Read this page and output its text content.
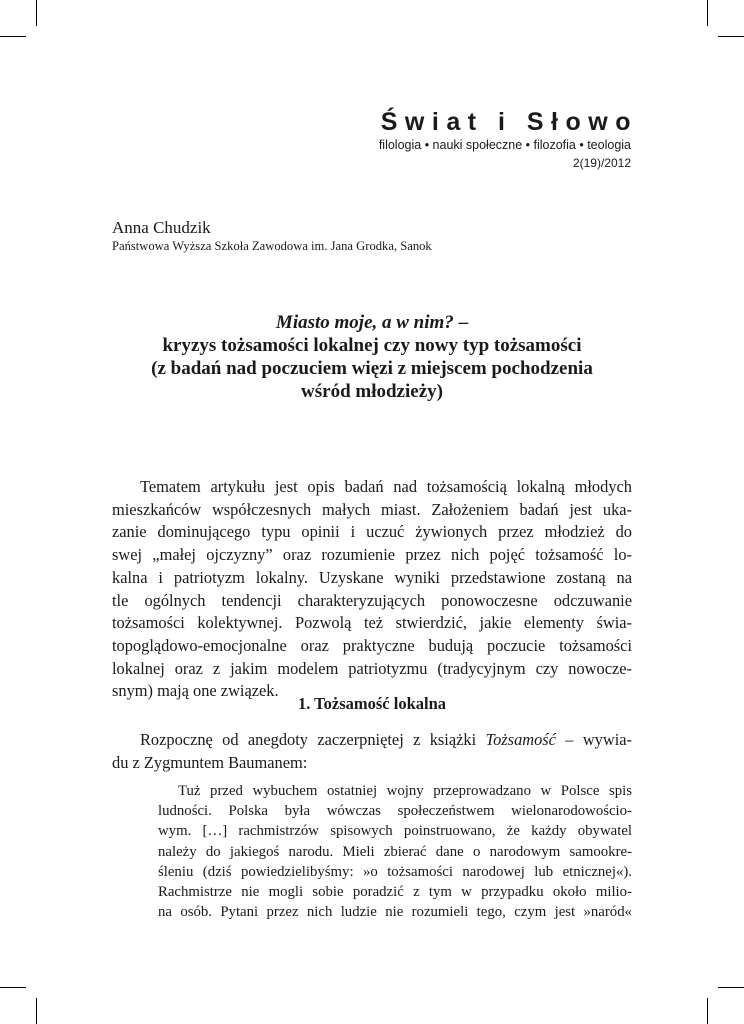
Świat i Słowo
filologia • nauki społeczne • filozofia • teologia
2(19)/2012
Anna Chudzik
Państwowa Wyższa Szkoła Zawodowa im. Jana Grodka, Sanok
Miasto moje, a w nim? –
kryzys tożsamości lokalnej czy nowy typ tożsamości
(z badań nad poczuciem więzi z miejscem pochodzenia
wśród młodzieży)
Tematem artykułu jest opis badań nad tożsamością lokalną młodych
mieszkańców współczesnych małych miast. Założeniem badań jest uka-
zanie dominującego typu opinii i uczuć żywionych przez młodzież do
swej „małej ojczyzny” oraz rozumienie przez nich pojęć tożsamość lo-
kalna i patriotyzm lokalny. Uzyskane wyniki przedstawione zostaną na
tle ogólnych tendencji charakteryzujących ponowoczesne odczuwanie
tożsamości kolektywnej. Pozwolą też stwierdzić, jakie elementy świa-
topoglądowo-emocjonalne oraz praktyczne budują poczucie tożsamości
lokalnej oraz z jakim modelem patriotyzmu (tradycyjnym czy nowocze-
snym) mają one związek.
1. Tożsamość lokalna
Rozpocznę od anegdoty zaczerpniętej z książki Tożsamość – wywia-
du z Zygmuntem Baumanem:
Tuż przed wybuchem ostatniej wojny przeprowadzano w Polsce spis
ludności. Polska była wówczas społeczeństwem wielonarodowościo-
wym. […] rachmistrzów spisowych poinstruowano, że każdy obywatel
należy do jakiegoś narodu. Mieli zbierać dane o narodowym samookre-
śleniu (dziś powiedzielibyśmy: »o tożsamości narodowej lub etnicznej«).
Rachmistrze nie mogli sobie poradzić z tym w przypadku około milio-
na osób. Pytani przez nich ludzie nie rozumieli tego, czym jest »naród«
